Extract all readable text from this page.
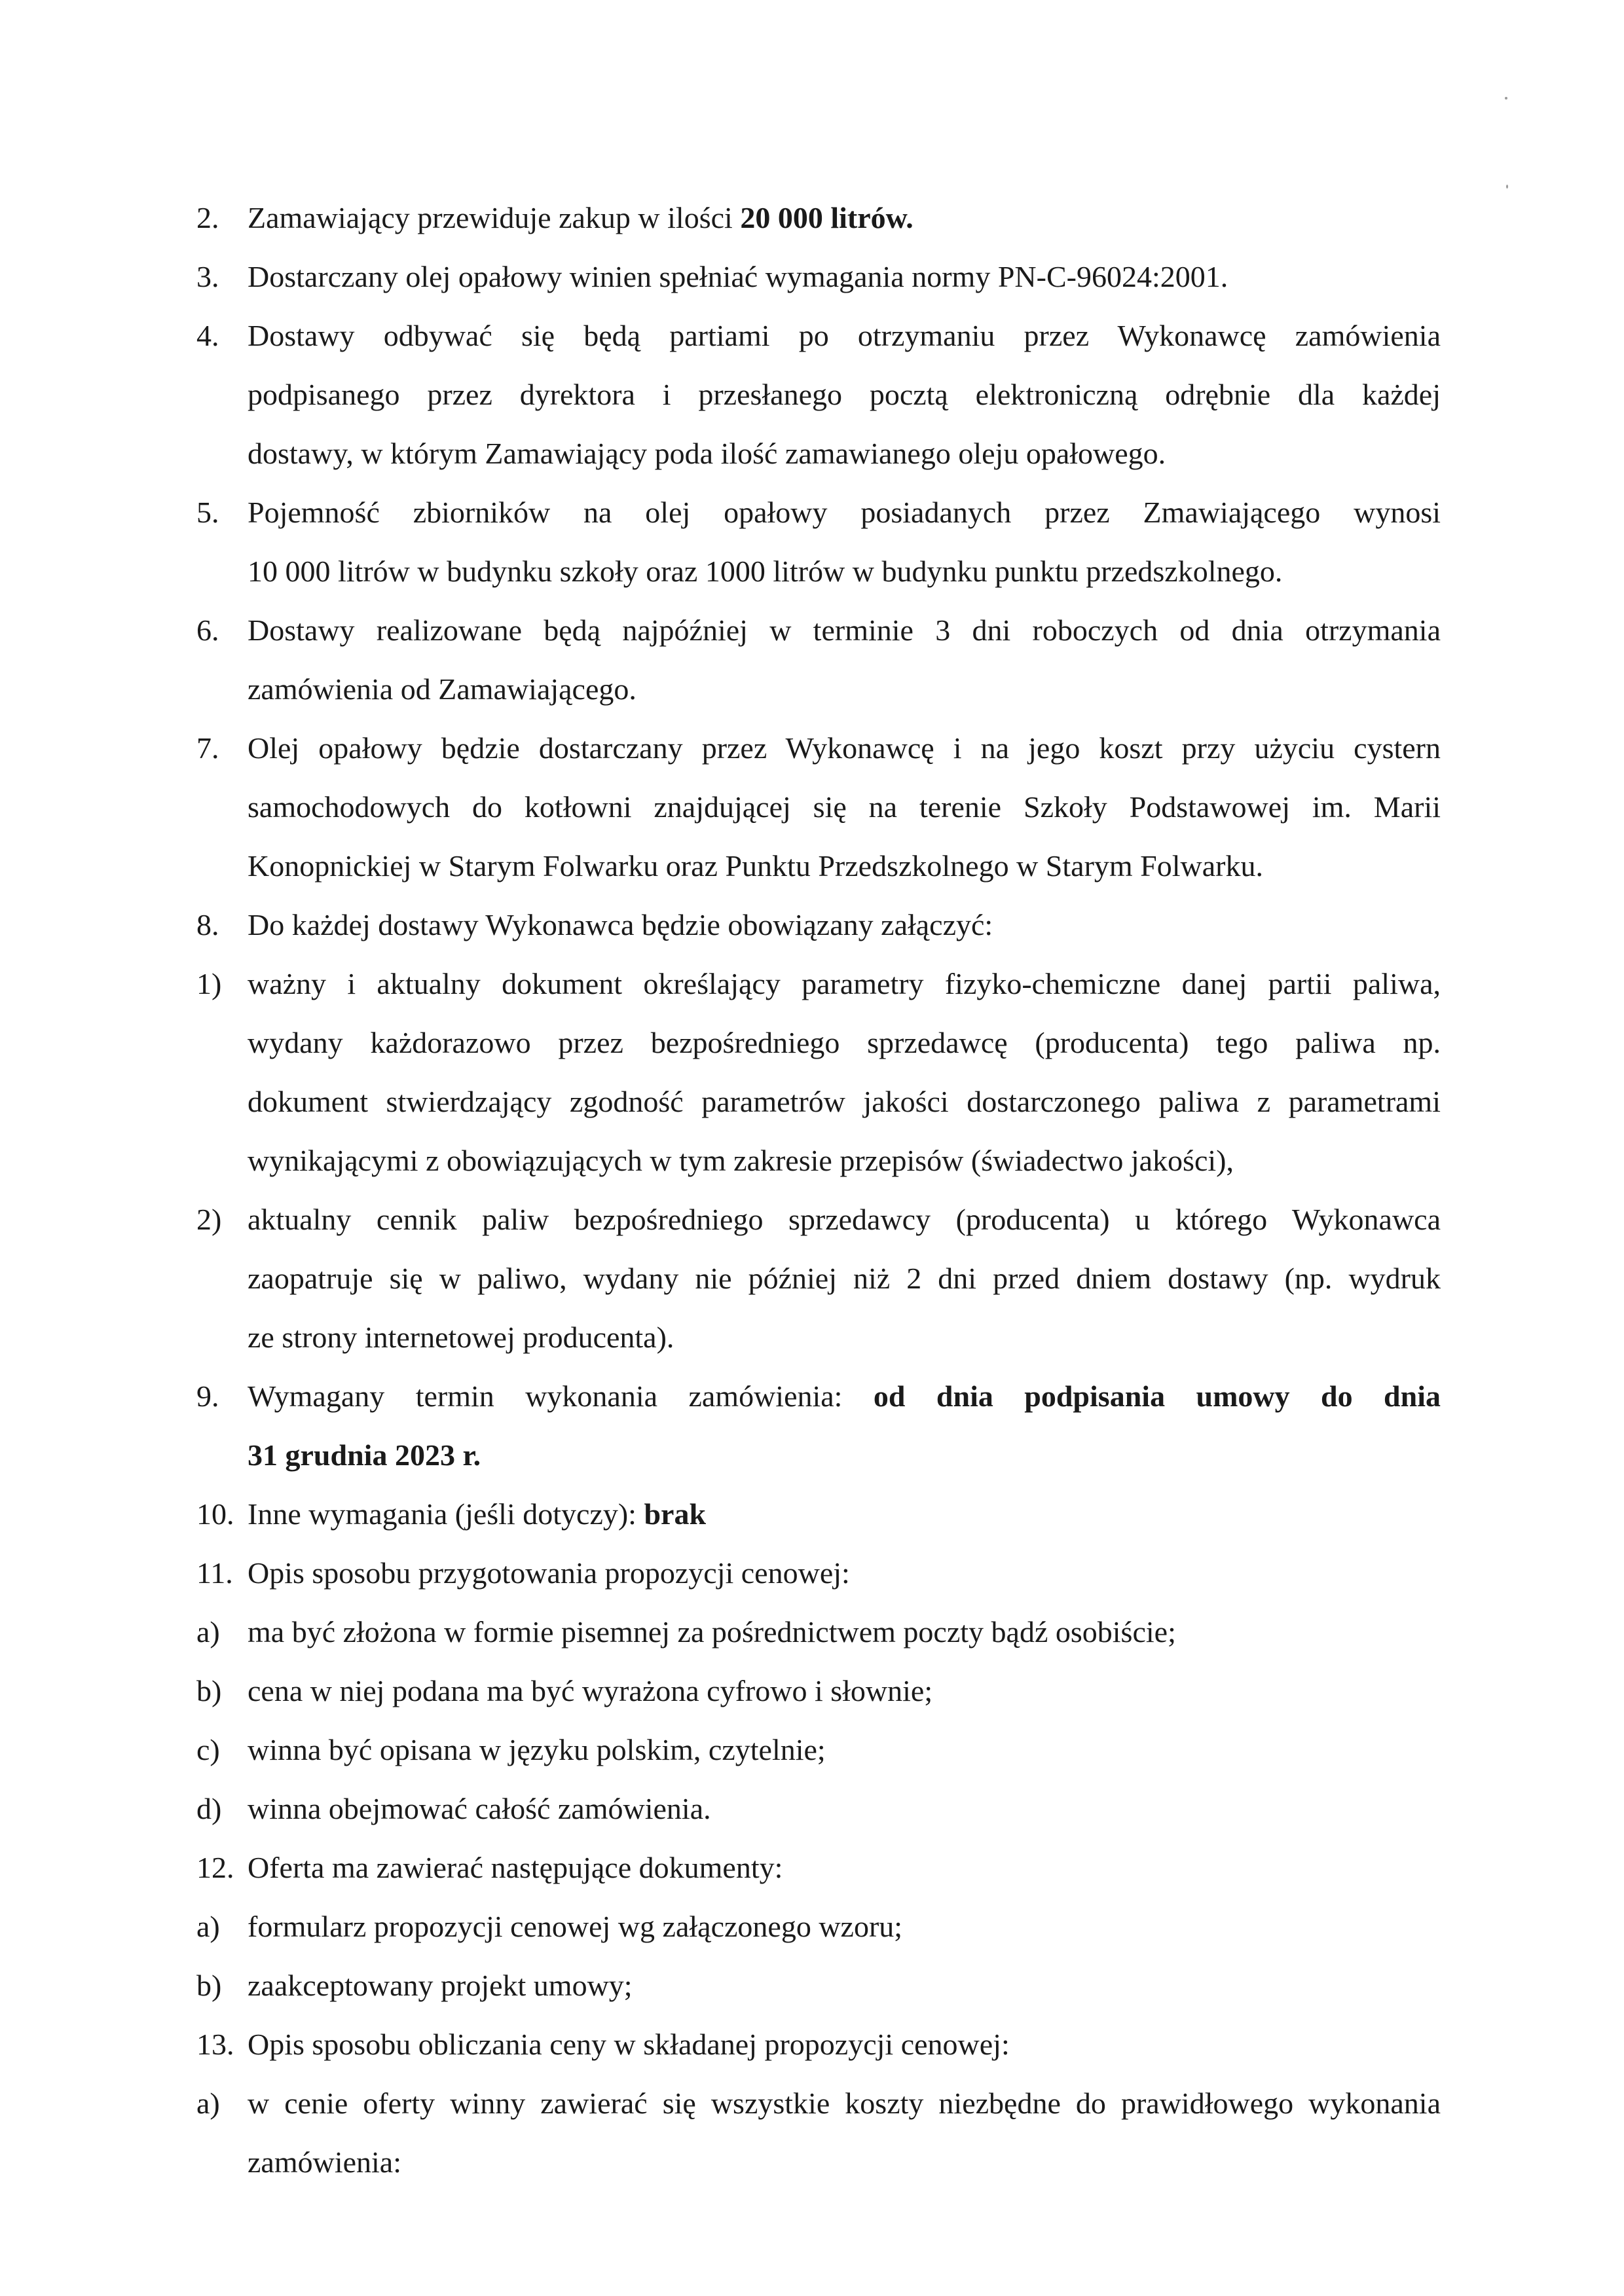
2. Zamawiający przewiduje zakup w ilości 20 000 litrów.
3. Dostarczany olej opałowy winien spełniać wymagania normy PN-C-96024:2001.
4. Dostawy odbywać się będą partiami po otrzymaniu przez Wykonawcę zamówienia
podpisanego przez dyrektora i przesłanego pocztą elektroniczną odrębnie dla każdej
dostawy, w którym Zamawiający poda ilość zamawianego oleju opałowego.
5. Pojemność zbiorników na olej opałowy posiadanych przez Zmawiającego wynosi
10 000 litrów w budynku szkoły oraz 1000 litrów w budynku punktu przedszkolnego.
6. Dostawy realizowane będą najpóźniej w terminie 3 dni roboczych od dnia otrzymania
zamówienia od Zamawiającego.
7. Olej opałowy będzie dostarczany przez Wykonawcę i na jego koszt przy użyciu cystern
samochodowych do kotłowni znajdującej się na terenie Szkoły Podstawowej im. Marii
Konopnickiej w Starym Folwarku oraz Punktu Przedszkolnego w Starym Folwarku.
8. Do każdej dostawy Wykonawca będzie obowiązany załączyć:
1) ważny i aktualny dokument określający parametry fizyko-chemiczne danej partii paliwa,
wydany każdorazowo przez bezpośredniego sprzedawcę (producenta) tego paliwa np.
dokument stwierdzający zgodność parametrów jakości dostarczonego paliwa z parametrami
wynikającymi z obowiązujących w tym zakresie przepisów (świadectwo jakości),
2) aktualny cennik paliw bezpośredniego sprzedawcy (producenta) u którego Wykonawca
zaopatruje się w paliwo, wydany nie później niż 2 dni przed dniem dostawy (np. wydruk
ze strony internetowej producenta).
9. Wymagany termin wykonania zamówienia: od dnia podpisania umowy do dnia
31 grudnia 2023 r.
10. Inne wymagania (jeśli dotyczy): brak
11. Opis sposobu przygotowania propozycji cenowej:
a) ma być złożona w formie pisemnej za pośrednictwem poczty bądź osobiście;
b) cena w niej podana ma być wyrażona cyfrowo i słownie;
c) winna być opisana w języku polskim, czytelnie;
d) winna obejmować całość zamówienia.
12. Oferta ma zawierać następujące dokumenty:
a) formularz propozycji cenowej wg załączonego wzoru;
b) zaakceptowany projekt umowy;
13. Opis sposobu obliczania ceny w składanej propozycji cenowej:
a) w cenie oferty winny zawierać się wszystkie koszty niezbędne do prawidłowego wykonania
zamówienia:
